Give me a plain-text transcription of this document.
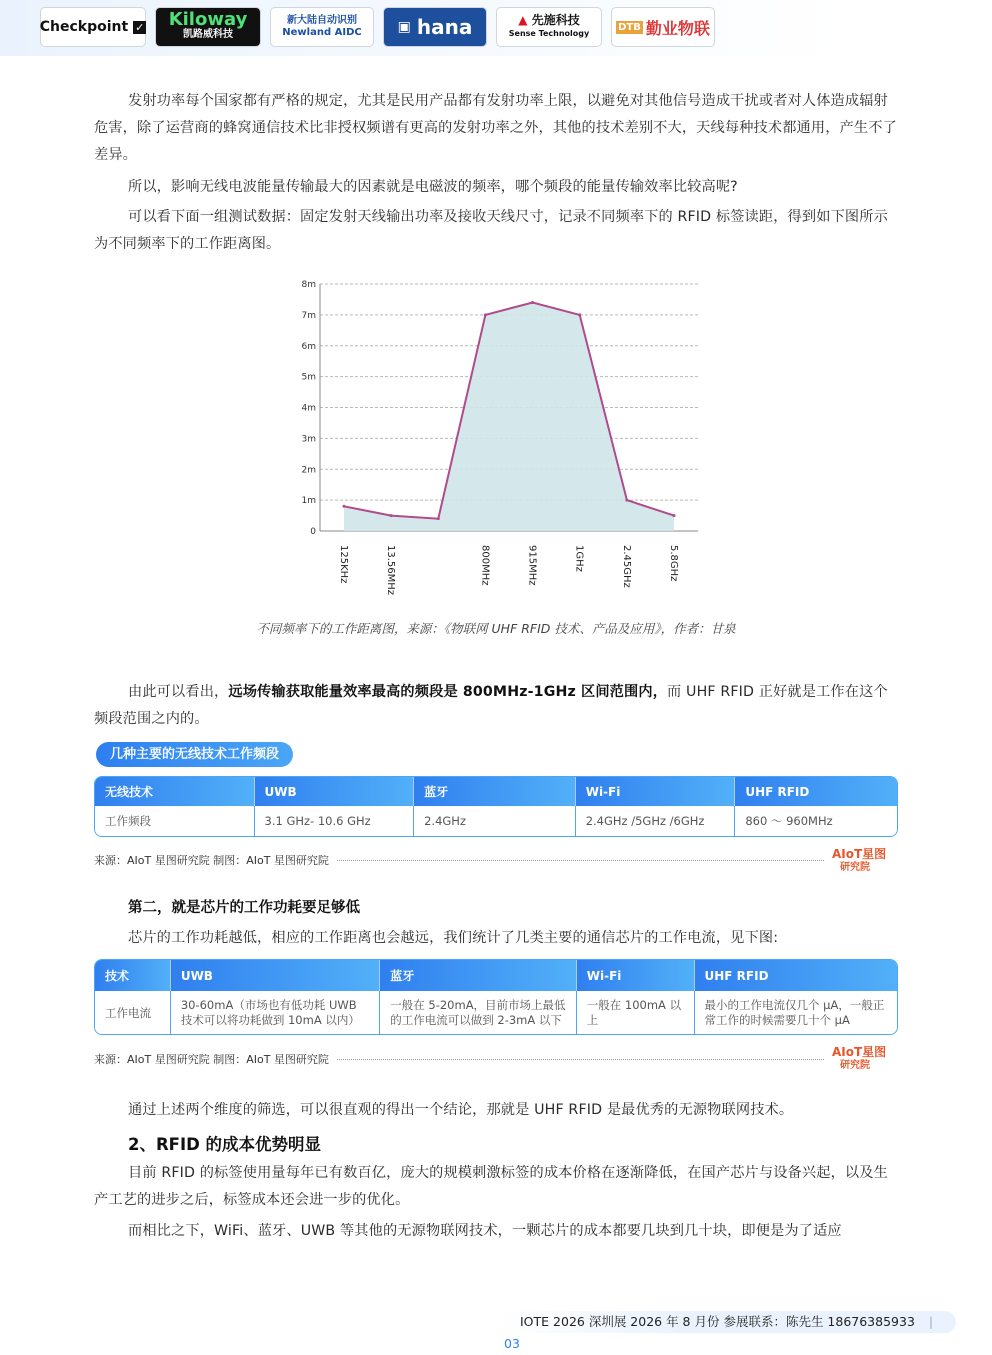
Checkpoint
✓ Kiloway
凯路威科技
新大陆自动识别
Newland AIDC	▣ hana	▲ 先施科技
Sense Technology
DTB 勤业物联

发射功率每个国家都有严格的规定，尤其是民用产品都有发射功率上限，以避免对其他信号造成干扰或者对人体造成辐射危害，除了运营商的蜂窝通信技术比非授权频谱有更高的发射功率之外，其他的技术差别不大，天线每种技术都通用，产生不了差异。

所以，影响无线电波能量传输最大的因素就是电磁波的频率，哪个频段的能量传输效率比较高呢?

可以看下面一组测试数据：固定发射天线输出功率及接收天线尺寸，记录不同频率下的 RFID 标签读距，得到如下图所示为不同频率下的工作距离图。

0
1m
2m
3m
4m
5m
6m
7m
8m
125KHz	13.56MHz	800MHz	915MHz	1GHz	2.45GHz	5.8GHz
不同频率下的工作距离图，来源：《物联网 UHF RFID 技术、产品及应用》，作者：甘泉

由此可以看出，远场传输获取能量效率最高的频段是 800MHz-1GHz 区间范围内，而 UHF RFID 正好就是工作在这个频段范围之内的。

几种主要的无线技术工作频段
无线技术	UWB	蓝牙	Wi-Fi	UHF RFID
工作频段	3.1 GHz- 10.6 GHz	2.4GHz	2.4GHz /5GHz /6GHz	860 ～ 960MHz
来源：AIoT 星图研究院 制图：AIoT 星图研究院	AIoT星图
研究院
第二，就是芯片的工作功耗要足够低

芯片的工作功耗越低，相应的工作距离也会越远，我们统计了几类主要的通信芯片的工作电流，见下图:

技术	UWB	蓝牙	Wi-Fi	UHF RFID
工作电流	30-60mA（市场也有低功耗 UWB 技术可以将功耗做到 10mA 以内）	一般在 5-20mA，目前市场上最低的工作电流可以做到 2-3mA 以下	一般在 100mA 以上	最小的工作电流仅几个 μA，一般正常工作的时候需要几十个 μA
来源：AIoT 星图研究院 制图：AIoT 星图研究院
AIoT星图
研究院

通过上述两个维度的筛选，可以很直观的得出一个结论，那就是 UHF RFID 是最优秀的无源物联网技术。

2、RFID 的成本优势明显

目前 RFID 的标签使用量每年已有数百亿，庞大的规模刺激标签的成本价格在逐渐降低，在国产芯片与设备兴起，以及生产工艺的进步之后，标签成本还会进一步的优化。

而相比之下，WiFi、蓝牙、UWB 等其他的无源物联网技术，一颗芯片的成本都要几块到几十块，即便是为了适应

IOTE 2026 深圳展 2026 年 8 月份 参展联系：陈先生 18676385933 | 03
